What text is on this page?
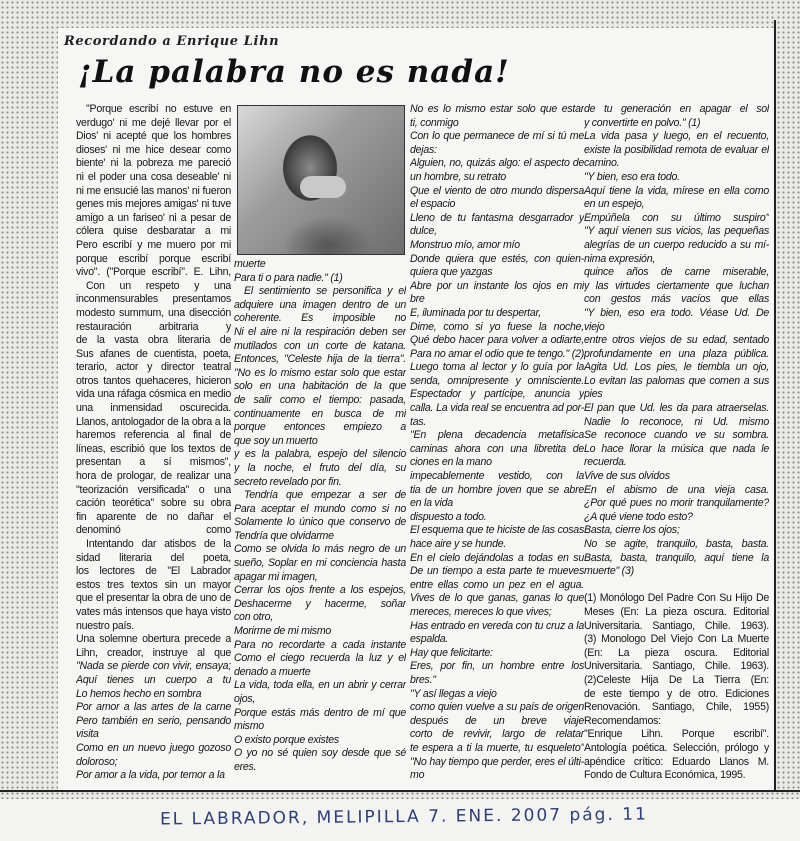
Recordando a Enrique Lihn
¡La palabra no es nada!
"Porque escribí no estuve en
verdugo' ni me dejé llevar por el
Dios' ni acepté que los hombres
dioses' ni me hice desear como
biente' ni la pobreza me pareció
ni el poder una cosa deseable' ni
ni me ensucié las manos' ni fueron
genes mis mejores amigas' ni tuve
amigo a un fariseo' ni a pesar de
cólera quise desbaratar a mi
Pero escribí y me muero por mi
porque escribí porque escribí
vivo". ("Porque escribí". E. Lihn,
Con un respeto y una
inconmensurables presentamos
modesto summum, una disección
restauración arbitraria y
de la vasta obra literaria de
Sus afanes de cuentista, poeta,
terario, actor y director teatral
otros tantos quehaceres, hicieron
vida una ráfaga cósmica en medio
una inmensidad oscurecida.
Llanos, antologador de la obra a la
haremos referencia al final de
líneas, escribió que los textos de
presentan a sí mismos",
hora de prologar, de realizar una
"teorización versificada" o una
cación teorética" sobre su obra
fin aparente de no dañar el
denominó como
Intentando dar atisbos de la
sidad literaria del poeta,
los lectores de "El Labrador
estos tres textos sin un mayor
que el presentar la obra de uno de
vates más intensos que haya visto
nuestro país.
Una solemne obertura precede a
Lihn, creador, instruye al que
"Nada se pierde con vivir, ensaya;
Aquí tienes un cuerpo a tu
Lo hemos hecho en sombra
Por amor a las artes de la carne
Pero también en serio, pensando
visita
Como en un nuevo juego gozoso
doloroso;
Por amor a la vida, por temor a la
muerte
Para ti o para nadie." (1)
El sentimiento se personifica y el
adquiere una imagen dentro de un
coherente. Es imposible no
Ni el aire ni la respiración deben ser
mutilados con un corte de katana.
Entonces, "Celeste hija de la tierra".
"No es lo mismo estar solo que estar
solo en una habitación de la que
de salir como el tiempo: pasada,
continuamente en busca de mi
porque entonces empiezo a
que soy un muerto
y es la palabra, espejo del silencio
y la noche, el fruto del día, su
secreto revelado por fin.
Tendría que empezar a ser de
Para aceptar el mundo como si no
Solamente lo único que conservo de
Tendría que olvidarme
Como se olvida lo más negro de un
sueño, Soplar en mi conciencia hasta
apagar mi imagen,
Cerrar los ojos frente a los espejos,
Deshacerme y hacerme, soñar
con otro,
Morirme de mi mismo
Para no recordarte a cada instante
Como el ciego recuerda la luz y el
denado a muerte
La vida, toda ella, en un abrir y cerrar
ojos,
Porque estás más dentro de mí que
mismo
O existo porque existes
O yo no sé quien soy desde que sé
eres.
No es lo mismo estar solo que estar
ti, conmigo
Con lo que permanece de mí si tú me
dejas:
Alguien, no, quizás algo: el aspecto de
un hombre, su retrato
Que el viento de otro mundo dispersa
el espacio
Lleno de tu fantasma desgarrador y
dulce,
Monstruo mío, amor mío
Donde quiera que estés, con quien-
quiera que yazgas
Abre por un instante los ojos en mi
bre
E, iluminada por tu despertar,
Dime, como si yo fuese la noche,
Qué debo hacer para volver a odiarte,
Para no amar el odio que te tengo." (2)
Luego toma al lector y lo guía por la
senda, omnipresente y omnisciente.
Espectador y partícipe, anuncia y
calla. La vida real se encuentra ad por-
tas.
"En plena decadencia metafísica
caminas ahora con una libretita de
ciones en la mano
impecablemente vestido, con la
tia de un hombre joven que se abre
en la vida
dispuesto a todo.
El esquema que te hiciste de las cosas
hace aire y se hunde.
En el cielo dejándolas a todas en su
De un tiempo a esta parte te mueves
entre ellas como un pez en el agua.
Vives de lo que ganas, ganas lo que
mereces, mereces lo que vives;
Has entrado en vereda con tu cruz a la
espalda.
Hay que felicitarte:
Eres, por fin, un hombre entre los
bres."
"Y así llegas a viejo
como quien vuelve a su país de origen
después de un breve viaje
corto de revivir, largo de relatar
te espera a ti la muerte, tu esqueleto"
"No hay tiempo que perder, eres el últi-
mo
de tu generación en apagar el sol
y convertirte en polvo." (1)
La vida pasa y luego, en el recuento,
existe la posibilidad remota de evaluar el
camino.
"Y bien, eso era todo.
Aquí tiene la vida, mírese en ella como
en un espejo,
Empúñela con su último suspiro"
"Y aquí vienen sus vicios, las pequeñas
alegrías de un cuerpo reducido a su mí-
nima expresión,
quince años de carne miserable,
y las virtudes ciertamente que luchan
con gestos más vacíos que ellas
"Y bien, eso era todo. Véase Ud. De
viejo
entre otros viejos de su edad, sentado
profundamente en una plaza pública.
Agita Ud. Los pies, le tiembla un ojo,
Lo evitan las palomas que comen a sus
pies
El pan que Ud. les da para atraerselas.
Nadie lo reconoce, ni Ud. mismo
Se reconoce cuando ve su sombra.
Lo hace llorar la música que nada le
recuerda.
Vive de sus olvidos
En el abismo de una vieja casa.
¿Por qué pues no morir tranquilamente?
¿A qué viene todo esto?
Basta, cierre los ojos;
No se agite, tranquilo, basta, basta.
Basta, basta, tranquilo, aquí tiene la
muerte" (3)
(1) Monólogo Del Padre Con Su Hijo De
Meses (En: La pieza oscura. Editorial
Universitaria. Santiago, Chile. 1963).
(3) Monologo Del Viejo Con La Muerte
(En: La pieza oscura. Editorial
Universitaria. Santiago, Chile. 1963).
(2)Celeste Hija De La Tierra (En:
de este tiempo y de otro. Ediciones
Renovación. Santiago, Chile, 1955)
Recomendamos:
"Enrique Lihn. Porque escribí".
Antología poética. Selección, prólogo y
apéndice crítico: Eduardo Llanos M.
Fondo de Cultura Económica, 1995.
EL LABRADOR, MELIPILLA 7. ENE. 2007 pág. 11
